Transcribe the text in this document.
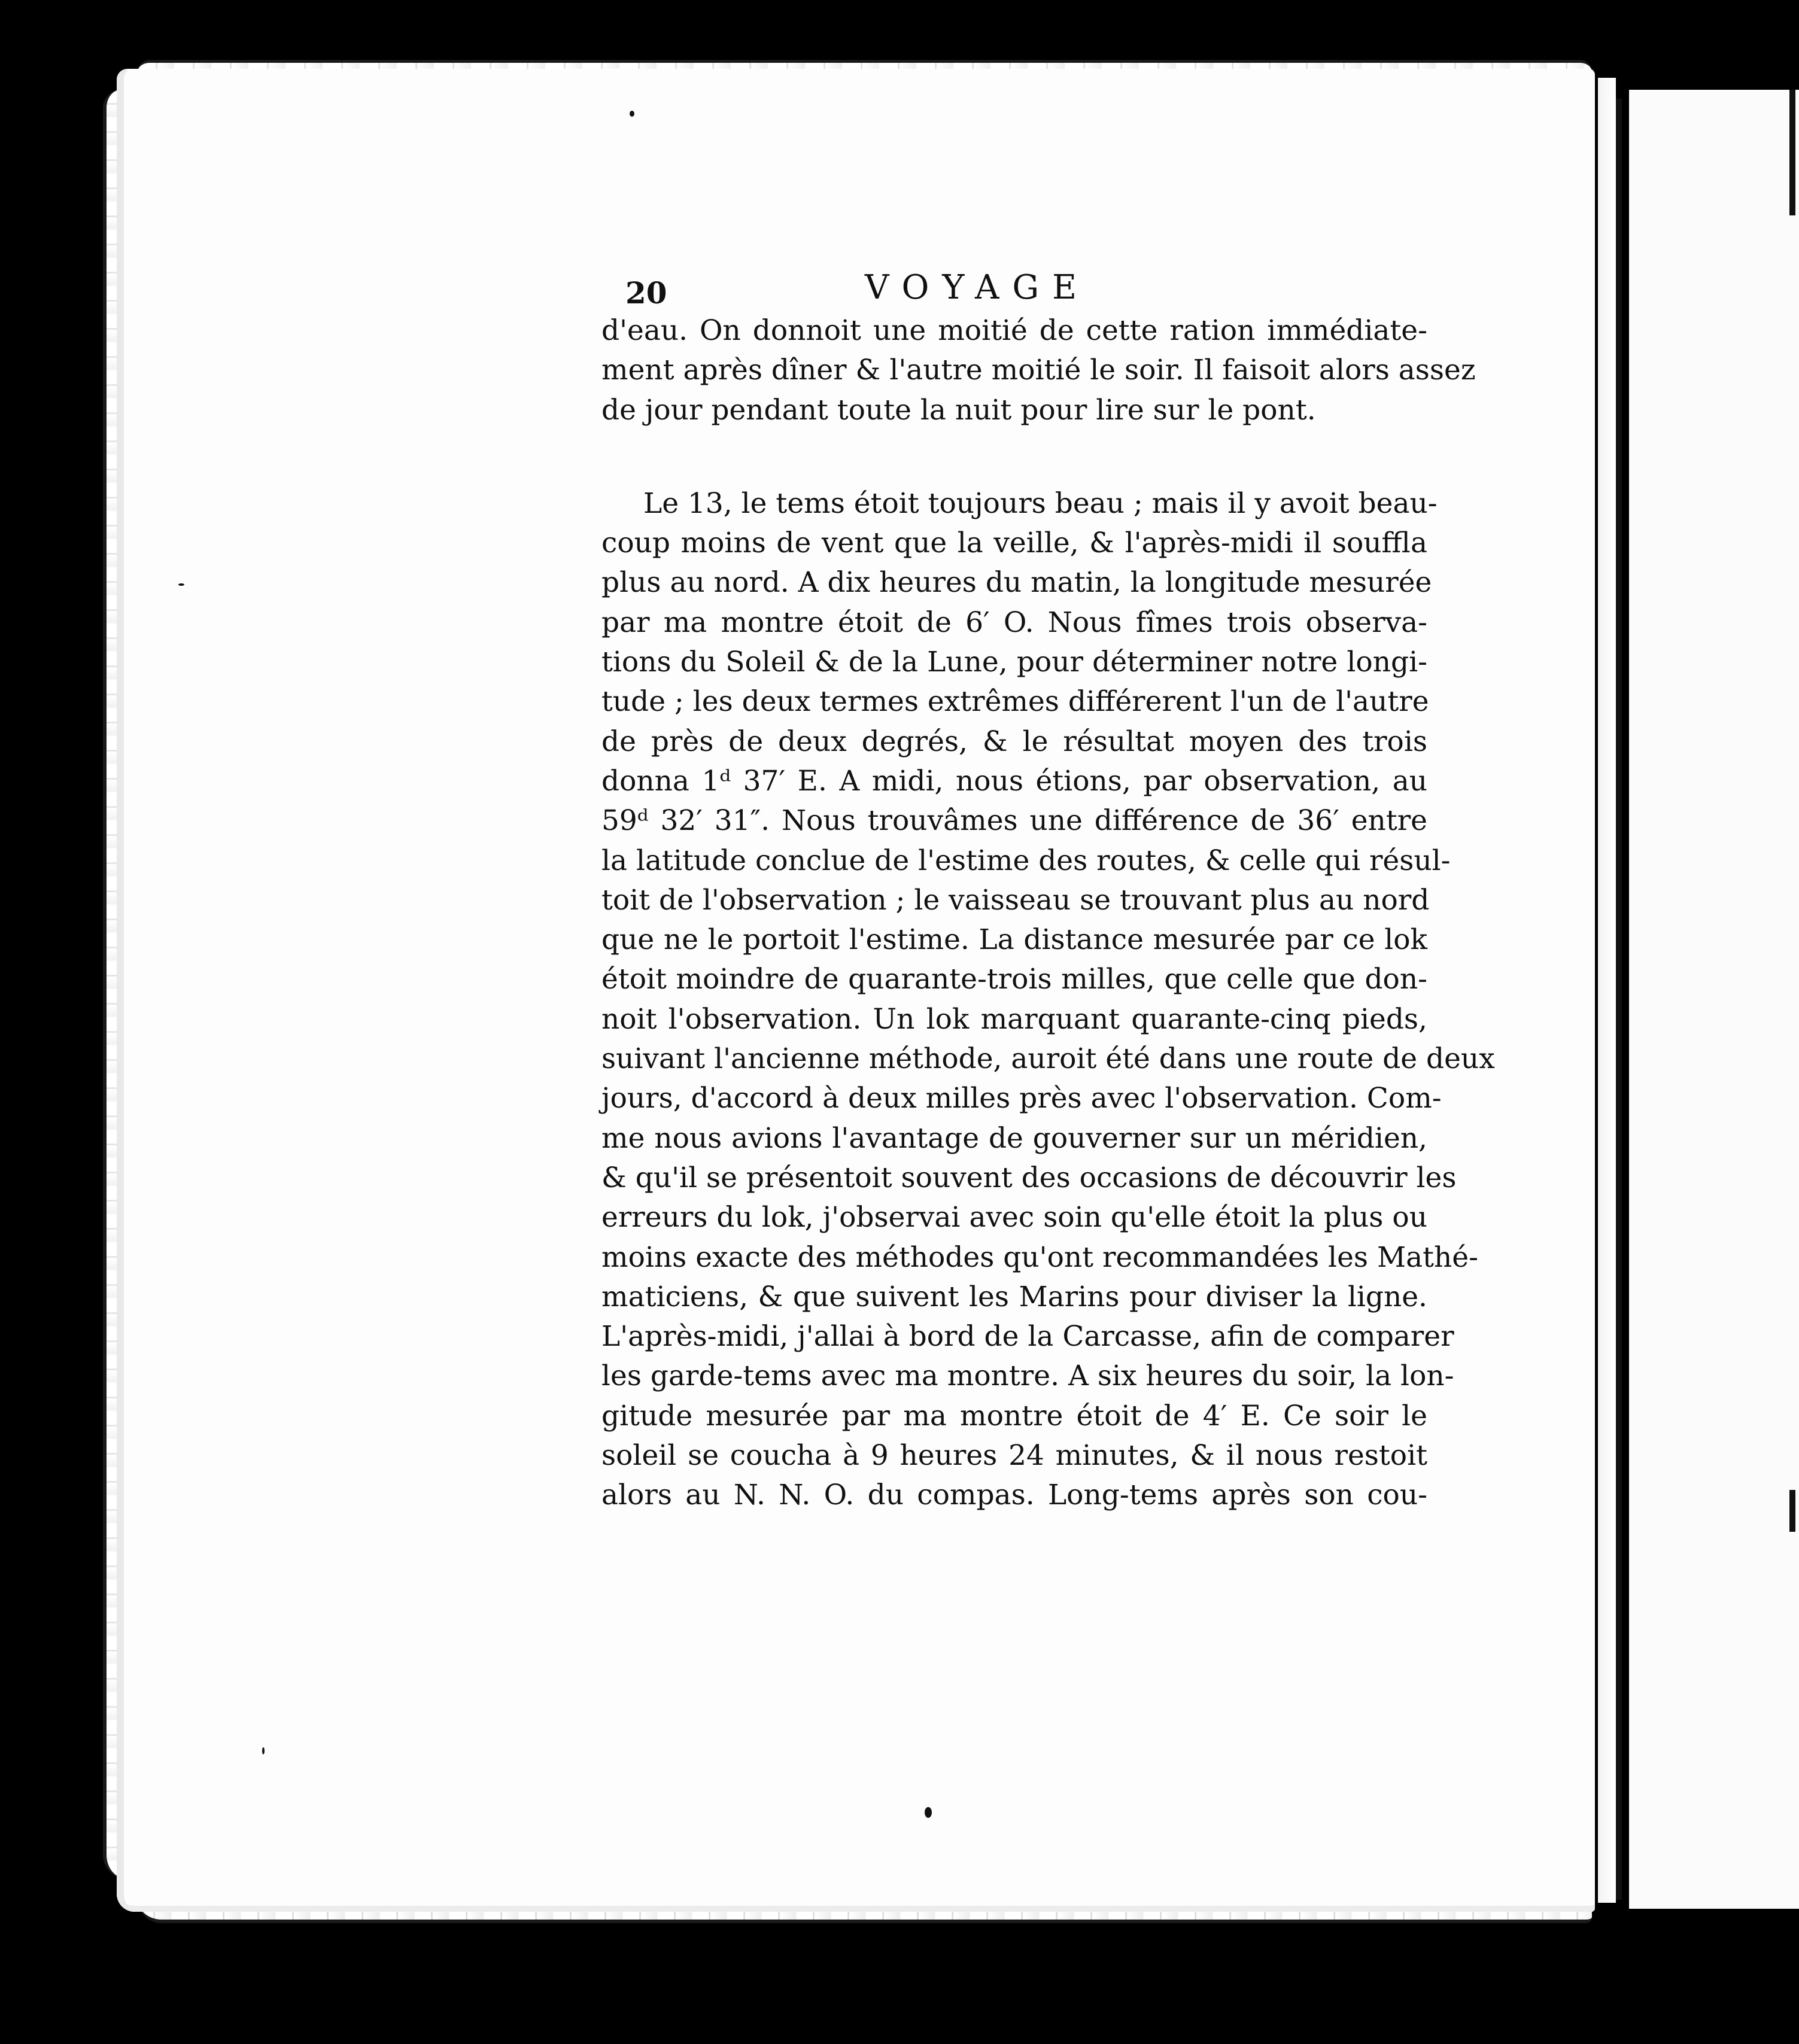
20	VOYAGE
d'eau. On donnoit une moitié de cette ration immédiate-
ment après dîner & l'autre moitié le soir. Il faisoit alors assez
de jour pendant toute la nuit pour lire sur le pont.
Le 13, le tems étoit toujours beau ; mais il y avoit beau-
coup moins de vent que la veille, & l'après-midi il souffla
plus au nord. A dix heures du matin, la longitude mesurée
par ma montre étoit de 6′ O. Nous fîmes trois observa-
tions du Soleil & de la Lune, pour déterminer notre longi-
tude ; les deux termes extrêmes différerent l'un de l'autre
de près de deux degrés, & le résultat moyen des trois
donna 1ᵈ 37′ E. A midi, nous étions, par observation, au
59ᵈ 32′ 31″. Nous trouvâmes une différence de 36′ entre
la latitude conclue de l'estime des routes, & celle qui résul-
toit de l'observation ; le vaisseau se trouvant plus au nord
que ne le portoit l'estime. La distance mesurée par ce lok
étoit moindre de quarante-trois milles, que celle que don-
noit l'observation. Un lok marquant quarante-cinq pieds,
suivant l'ancienne méthode, auroit été dans une route de deux
jours, d'accord à deux milles près avec l'observation. Com-
me nous avions l'avantage de gouverner sur un méridien,
& qu'il se présentoit souvent des occasions de découvrir les
erreurs du lok, j'observai avec soin qu'elle étoit la plus ou
moins exacte des méthodes qu'ont recommandées les Mathé-
maticiens, & que suivent les Marins pour diviser la ligne.
L'après-midi, j'allai à bord de la Carcasse, afin de comparer
les garde-tems avec ma montre. A six heures du soir, la lon-
gitude mesurée par ma montre étoit de 4′ E. Ce soir le
soleil se coucha à 9 heures 24 minutes, & il nous restoit
alors au N. N. O. du compas. Long-tems après son cou-
